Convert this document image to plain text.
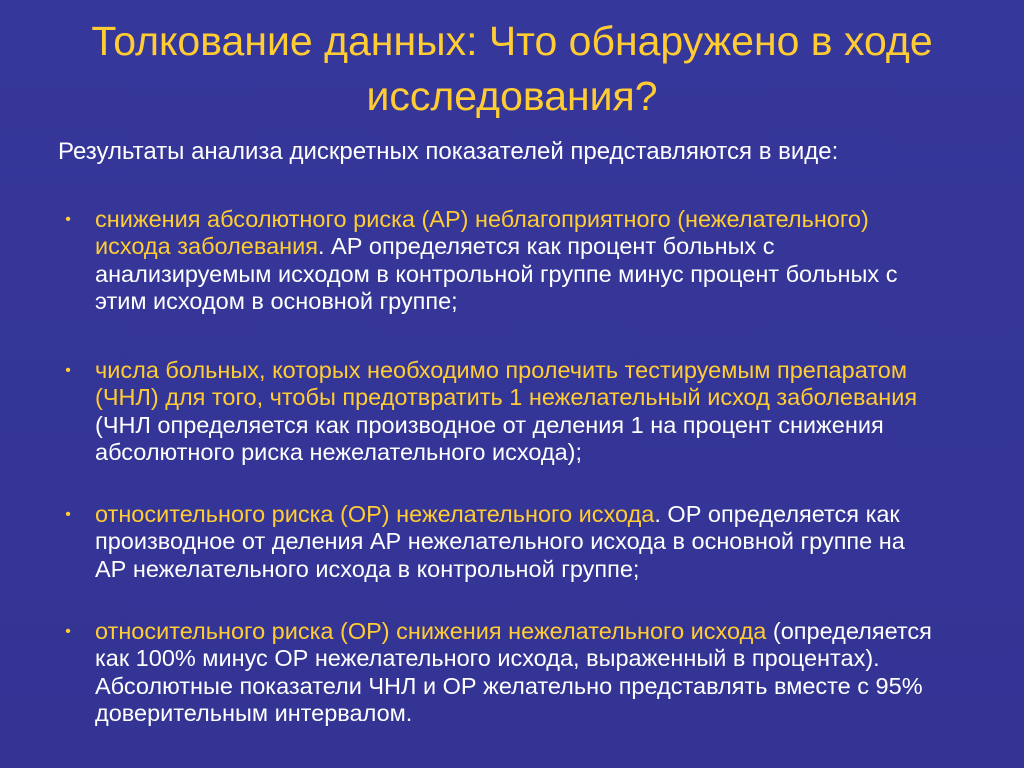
Толкование данных: Что обнаружено в ходе исследования?
Результаты анализа дискретных показателей представляются в виде:
•	снижения абсолютного риска (АР) неблагоприятного (нежелательного) исхода заболевания. АР определяется как процент больных с анализируемым исходом в контрольной группе минус процент больных с этим исходом в основной группе;
•	числа больных, которых необходимо пролечить тестируемым препаратом (ЧНЛ) для того, чтобы предотвратить 1 нежелательный исход заболевания (ЧНЛ определяется как производное от деления 1 на процент снижения абсолютного риска нежелательного исхода);
•	относительного риска (ОР) нежелательного исхода. ОР определяется как производное от деления АР нежелательного исхода в основной группе на АР нежелательного исхода в контрольной группе;
•	относительного риска (ОР) снижения нежелательного исхода (определяется как 100% минус ОР нежелательного исхода, выраженный в процентах). Абсолютные показатели ЧНЛ и ОР желательно представлять вместе с 95% доверительным интервалом.
